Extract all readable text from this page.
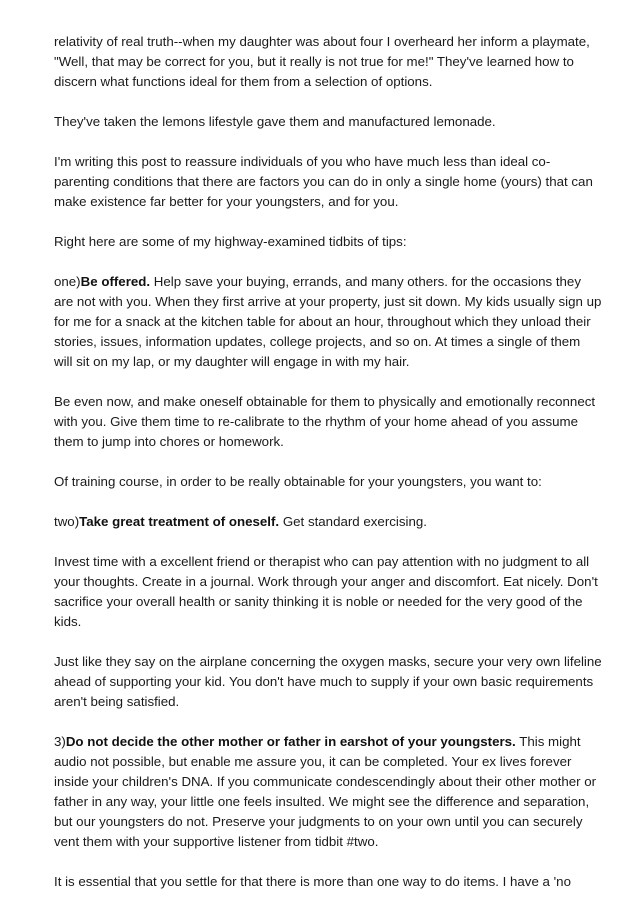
relativity of real truth--when my daughter was about four I overheard her inform a playmate,
"Well, that may be correct for you, but it really is not true for me!" They've learned how to
discern what functions ideal for them from a selection of options.

They've taken the lemons lifestyle gave them and manufactured lemonade.

I'm writing this post to reassure individuals of you who have much less than ideal co-
parenting conditions that there are factors you can do in only a single home (yours) that can
make existence far better for your youngsters, and for you.

Right here are some of my highway-examined tidbits of tips:

one)Be offered. Help save your buying, errands, and many others. for the occasions they
are not with you. When they first arrive at your property, just sit down. My kids usually sign up
for me for a snack at the kitchen table for about an hour, throughout which they unload their
stories, issues, information updates, college projects, and so on. At times a single of them
will sit on my lap, or my daughter will engage in with my hair.

Be even now, and make oneself obtainable for them to physically and emotionally reconnect
with you. Give them time to re-calibrate to the rhythm of your home ahead of you assume
them to jump into chores or homework.

Of training course, in order to be really obtainable for your youngsters, you want to:

two)Take great treatment of oneself. Get standard exercising.

Invest time with a excellent friend or therapist who can pay attention with no judgment to all
your thoughts. Create in a journal. Work through your anger and discomfort. Eat nicely. Don't
sacrifice your overall health or sanity thinking it is noble or needed for the very good of the
kids.

Just like they say on the airplane concerning the oxygen masks, secure your very own lifeline
ahead of supporting your kid. You don't have much to supply if your own basic requirements
aren't being satisfied.

3)Do not decide the other mother or father in earshot of your youngsters. This might
audio not possible, but enable me assure you, it can be completed. Your ex lives forever
inside your children's DNA. If you communicate condescendingly about their other mother or
father in any way, your little one feels insulted. We might see the difference and separation,
but our youngsters do not. Preserve your judgments to on your own until you can securely
vent them with your supportive listener from tidbit #two.

It is essential that you settle for that there is more than one way to do items. I have a 'no
